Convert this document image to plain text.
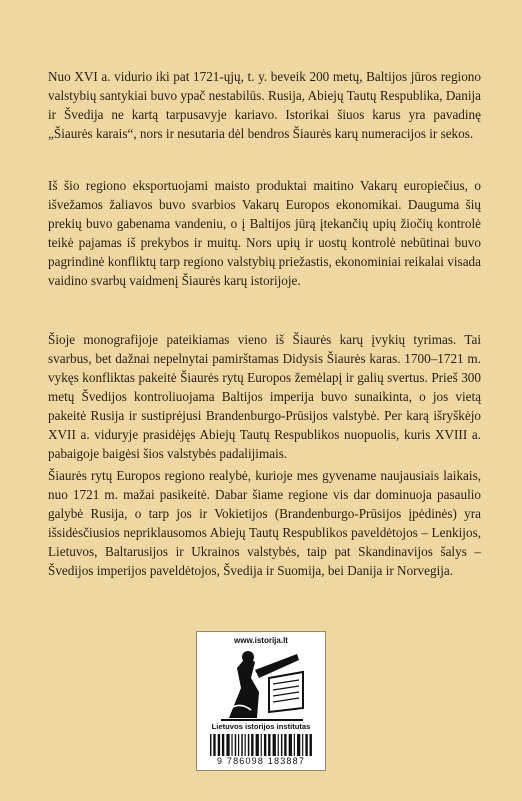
Nuo XVI a. vidurio iki pat 1721-ųjų, t. y. beveik 200 metų, Baltijos jūros regiono valstybių santykiai buvo ypač nestabilūs. Rusija, Abiejų Tautų Respublika, Danija ir Švedija ne kartą tarpusavyje kariavo. Istorikai šiuos karus yra pavadinę „Šiaurės karais“, nors ir nesutaria dėl bendros Šiaurės karų numeracijos ir sekos.

Iš šio regiono eksportuojami maisto produktai maitino Vakarų europiečius, o išvežamos žaliavos buvo svarbios Vakarų Europos ekonomikai. Dauguma šių prekių buvo gabenama vandeniu, o į Baltijos jūrą įtekančių upių žiočių kontrolė teikė pajamas iš prekybos ir muitų. Nors upių ir uostų kontrolė nebūtinai buvo pagrindinė konfliktų tarp regiono valstybių priežastis, ekonominiai reikalai visada vaidino svarbų vaidmenį Šiaurės karų istorijoje.

Šioje monografijoje pateikiamas vieno iš Šiaurės karų įvykių tyrimas. Tai svarbus, bet dažnai nepelnytai pamirštamas Didysis Šiaurės karas. 1700–1721 m. vykęs konfliktas pakeitė Šiaurės rytų Europos žemėlapį ir galių svertus. Prieš 300 metų Švedijos kontroliuojama Baltijos imperija buvo sunaikinta, o jos vietą pakeitė Rusija ir sustiprėjusi Brandenburgo-Prūsijos valstybė. Per karą išryškėjo XVII a. viduryje prasidėjęs Abiejų Tautų Respublikos nuopuolis, kuris XVIII a. pabaigoje baigėsi šios valstybės padalijimais.

Šiaurės rytų Europos regiono realybė, kurioje mes gyvename naujausiais laikais, nuo 1721 m. mažai pasikeitė. Dabar šiame regione vis dar dominuoja pasaulio galybė Rusija, o tarp jos ir Vokietijos (Brandenburgo-Prūsijos įpėdinės) yra išsidėsčiusios nepriklausomos Abiejų Tautų Respublikos paveldėtojos – Lenkijos, Lietuvos, Baltarusijos ir Ukrainos valstybės, taip pat Skandinavijos šalys – Švedijos imperijos paveldėtojos, Švedija ir Suomija, bei Danija ir Norvegija.

www.istorija.lt
Lietuvos istorijos institutas
9 786098 183887
